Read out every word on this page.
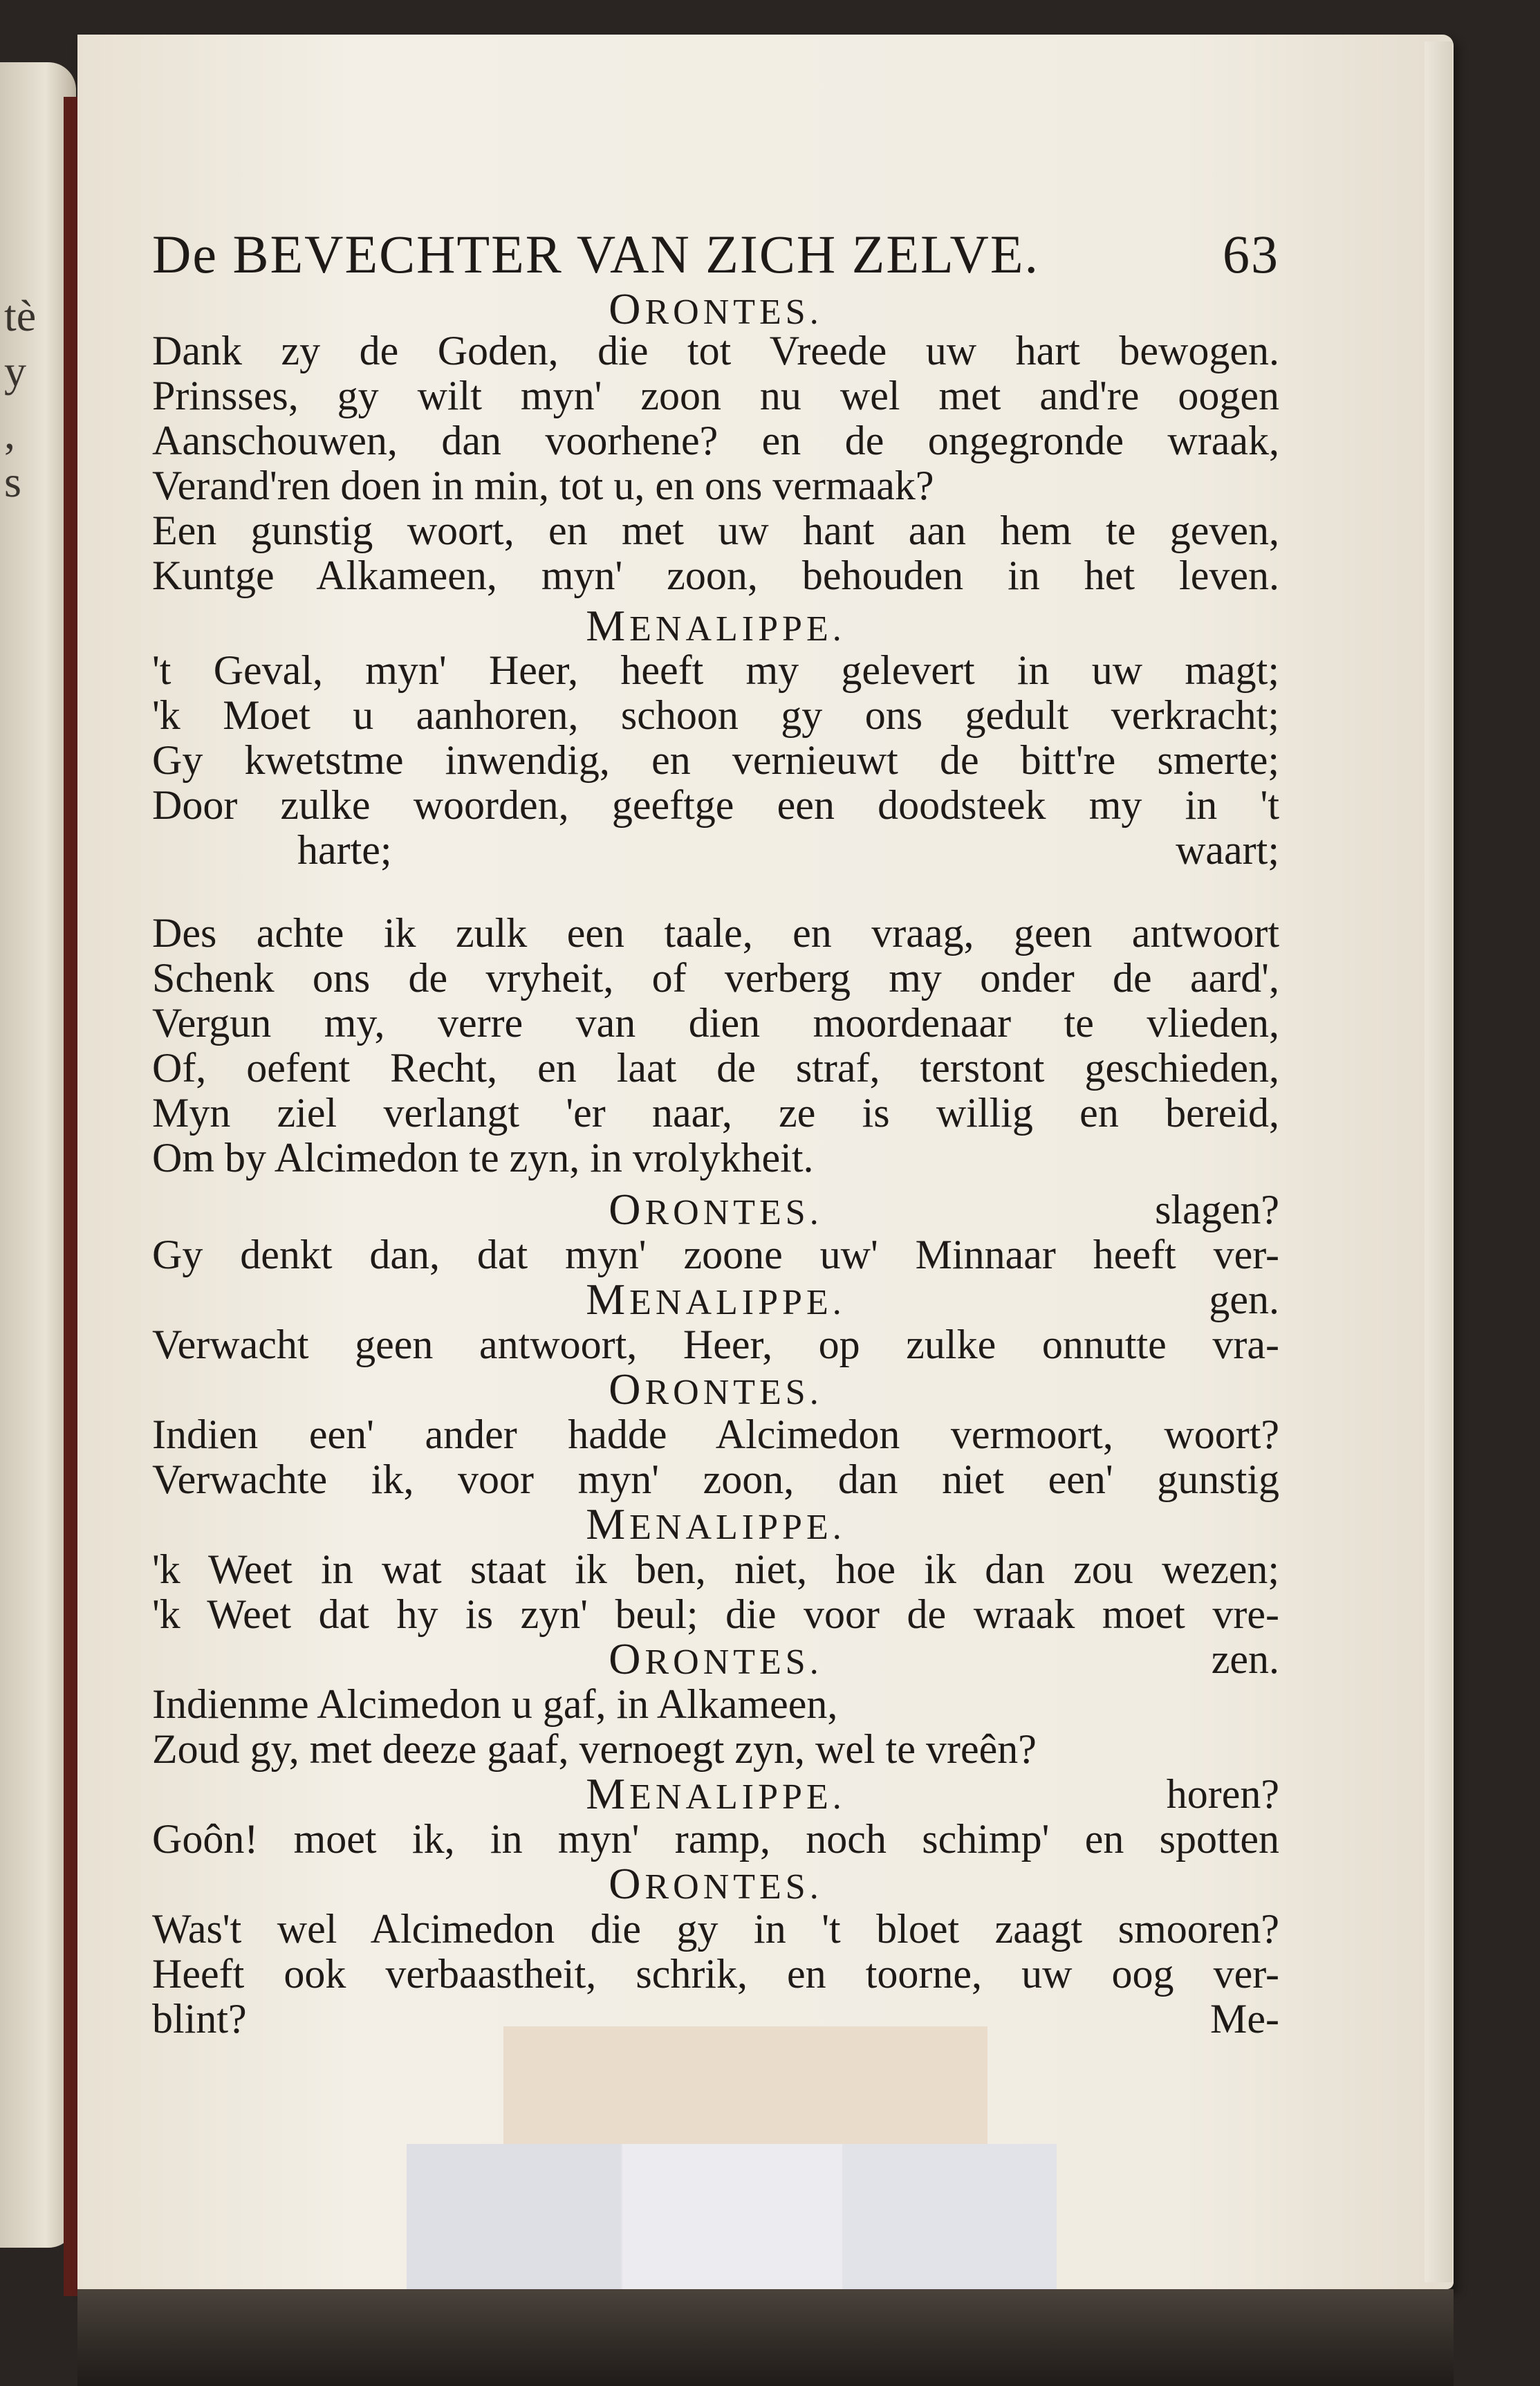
tè
y
,
s
De BEVECHTER VAN ZICH ZELVE.	63
ORONTES.
Dank zy de Goden, die tot Vreede uw hart bewogen.
Prinsses, gy wilt myn' zoon nu wel met and're oogen
Aanschouwen, dan voorhene? en de ongegronde wraak,
Verand'ren doen in min, tot u, en ons vermaak?
Een gunstig woort, en met uw hant aan hem te geven,
Kuntge Alkameen, myn' zoon, behouden in het leven.
MENALIPPE.
't Geval, myn' Heer, heeft my gelevert in uw magt;
'k Moet u aanhoren, schoon gy ons gedult verkracht;
Gy kwetstme inwendig, en vernieuwt de bitt're smerte;
Door zulke woorden, geeftge een doodsteek my in 't
harte;	waart;
Des achte ik zulk een taale, en vraag, geen antwoort
Schenk ons de vryheit, of verberg my onder de aard',
Vergun my, verre van dien moordenaar te vlieden,
Of, oefent Recht, en laat de straf, terstont geschieden,
Myn ziel verlangt 'er naar, ze is willig en bereid,
Om by Alcimedon te zyn, in vrolykheit.
ORONTES.	slagen?
Gy denkt dan, dat myn' zoone uw' Minnaar heeft ver-
MENALIPPE.	gen.
Verwacht geen antwoort, Heer, op zulke onnutte vra-
ORONTES.
Indien een' ander hadde Alcimedon vermoort, woort?
Verwachte ik, voor myn' zoon, dan niet een' gunstig
MENALIPPE.
'k Weet in wat staat ik ben, niet, hoe ik dan zou wezen;
'k Weet dat hy is zyn' beul; die voor de wraak moet vre-
ORONTES.	zen.
Indienme Alcimedon u gaf, in Alkameen,
Zoud gy, met deeze gaaf, vernoegt zyn, wel te vreên?
MENALIPPE.	horen?
Goôn! moet ik, in myn' ramp, noch schimp' en spotten
ORONTES.
Was't wel Alcimedon die gy in 't bloet zaagt smooren?
Heeft ook verbaastheit, schrik, en toorne, uw oog ver-
blint?	Me-
